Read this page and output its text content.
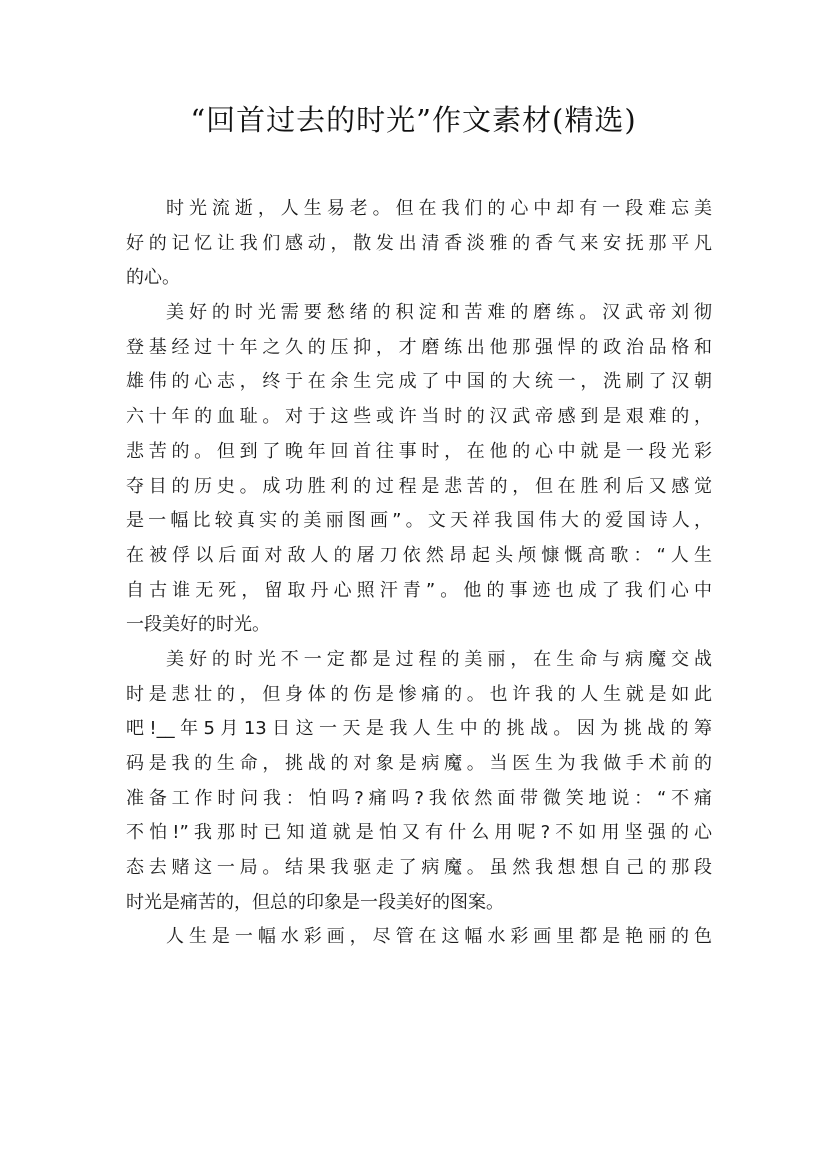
“回首过去的时光”作文素材(精选)
时光流逝，人生易老。但在我们的心中却有一段难忘美
好的记忆让我们感动，散发出清香淡雅的香气来安抚那平凡
的心。
美好的时光需要愁绪的积淀和苦难的磨练。汉武帝刘彻
登基经过十年之久的压抑，才磨练出他那强悍的政治品格和
雄伟的心志，终于在余生完成了中国的大统一，洗刷了汉朝
六十年的血耻。对于这些或许当时的汉武帝感到是艰难的，
悲苦的。但到了晚年回首往事时，在他的心中就是一段光彩
夺目的历史。成功胜利的过程是悲苦的，但在胜利后又感觉
是一幅比较真实的美丽图画”。文天祥我国伟大的爱国诗人，
在被俘以后面对敌人的屠刀依然昂起头颅慷慨高歌：“人生
自古谁无死，留取丹心照汗青”。他的事迹也成了我们心中
一段美好的时光。
美好的时光不一定都是过程的美丽，在生命与病魔交战
时是悲壮的，但身体的伤是惨痛的。也许我的人生就是如此
吧!__年5月13日这一天是我人生中的挑战。因为挑战的筹
码是我的生命，挑战的对象是病魔。当医生为我做手术前的
准备工作时问我：怕吗?痛吗?我依然面带微笑地说：“不痛
不怕!”我那时已知道就是怕又有什么用呢?不如用坚强的心
态去赌这一局。结果我驱走了病魔。虽然我想想自己的那段
时光是痛苦的，但总的印象是一段美好的图案。
人生是一幅水彩画，尽管在这幅水彩画里都是艳丽的色
